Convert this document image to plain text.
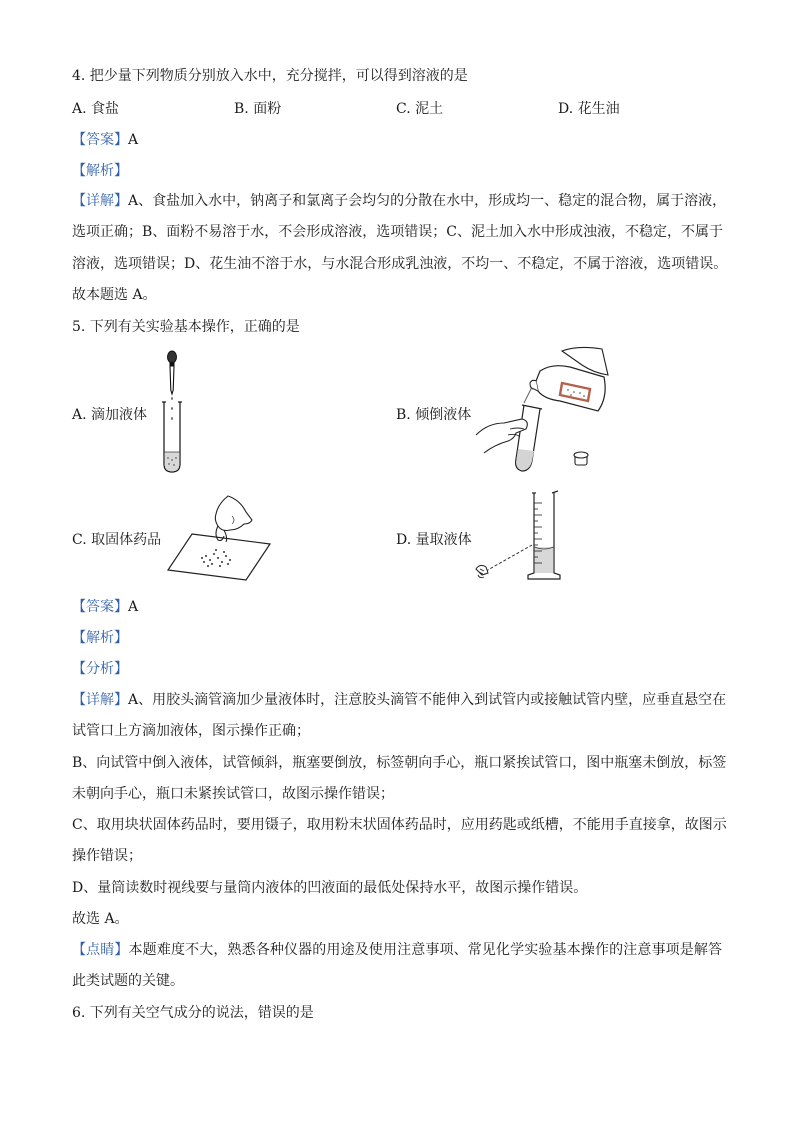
4. 把少量下列物质分别放入水中，充分搅拌，可以得到溶液的是
A. 食盐	B. 面粉	C. 泥土	D. 花生油
【答案】A
【解析】
【详解】A、食盐加入水中，钠离子和氯离子会均匀的分散在水中，形成均一、稳定的混合物，属于溶液，
选项正确；B、面粉不易溶于水，不会形成溶液，选项错误；C、泥土加入水中形成浊液，不稳定，不属于
溶液，选项错误；D、花生油不溶于水，与水混合形成乳浊液，不均一、不稳定，不属于溶液，选项错误。
故本题选 A。
5. 下列有关实验基本操作，正确的是
A. 滴加液体	B. 倾倒液体
C. 取固体药品	D. 量取液体
【答案】A
【解析】
【分析】
【详解】A、用胶头滴管滴加少量液体时，注意胶头滴管不能伸入到试管内或接触试管内壁，应垂直悬空在
试管口上方滴加液体，图示操作正确；
B、向试管中倒入液体，试管倾斜，瓶塞要倒放，标签朝向手心，瓶口紧挨试管口，图中瓶塞未倒放，标签
未朝向手心，瓶口未紧挨试管口，故图示操作错误；
C、取用块状固体药品时，要用镊子，取用粉末状固体药品时，应用药匙或纸槽，不能用手直接拿，故图示
操作错误；
D、量筒读数时视线要与量筒内液体的凹液面的最低处保持水平，故图示操作错误。
故选 A。
【点睛】本题难度不大，熟悉各种仪器的用途及使用注意事项、常见化学实验基本操作的注意事项是解答
此类试题的关键。
6. 下列有关空气成分的说法，错误的是
